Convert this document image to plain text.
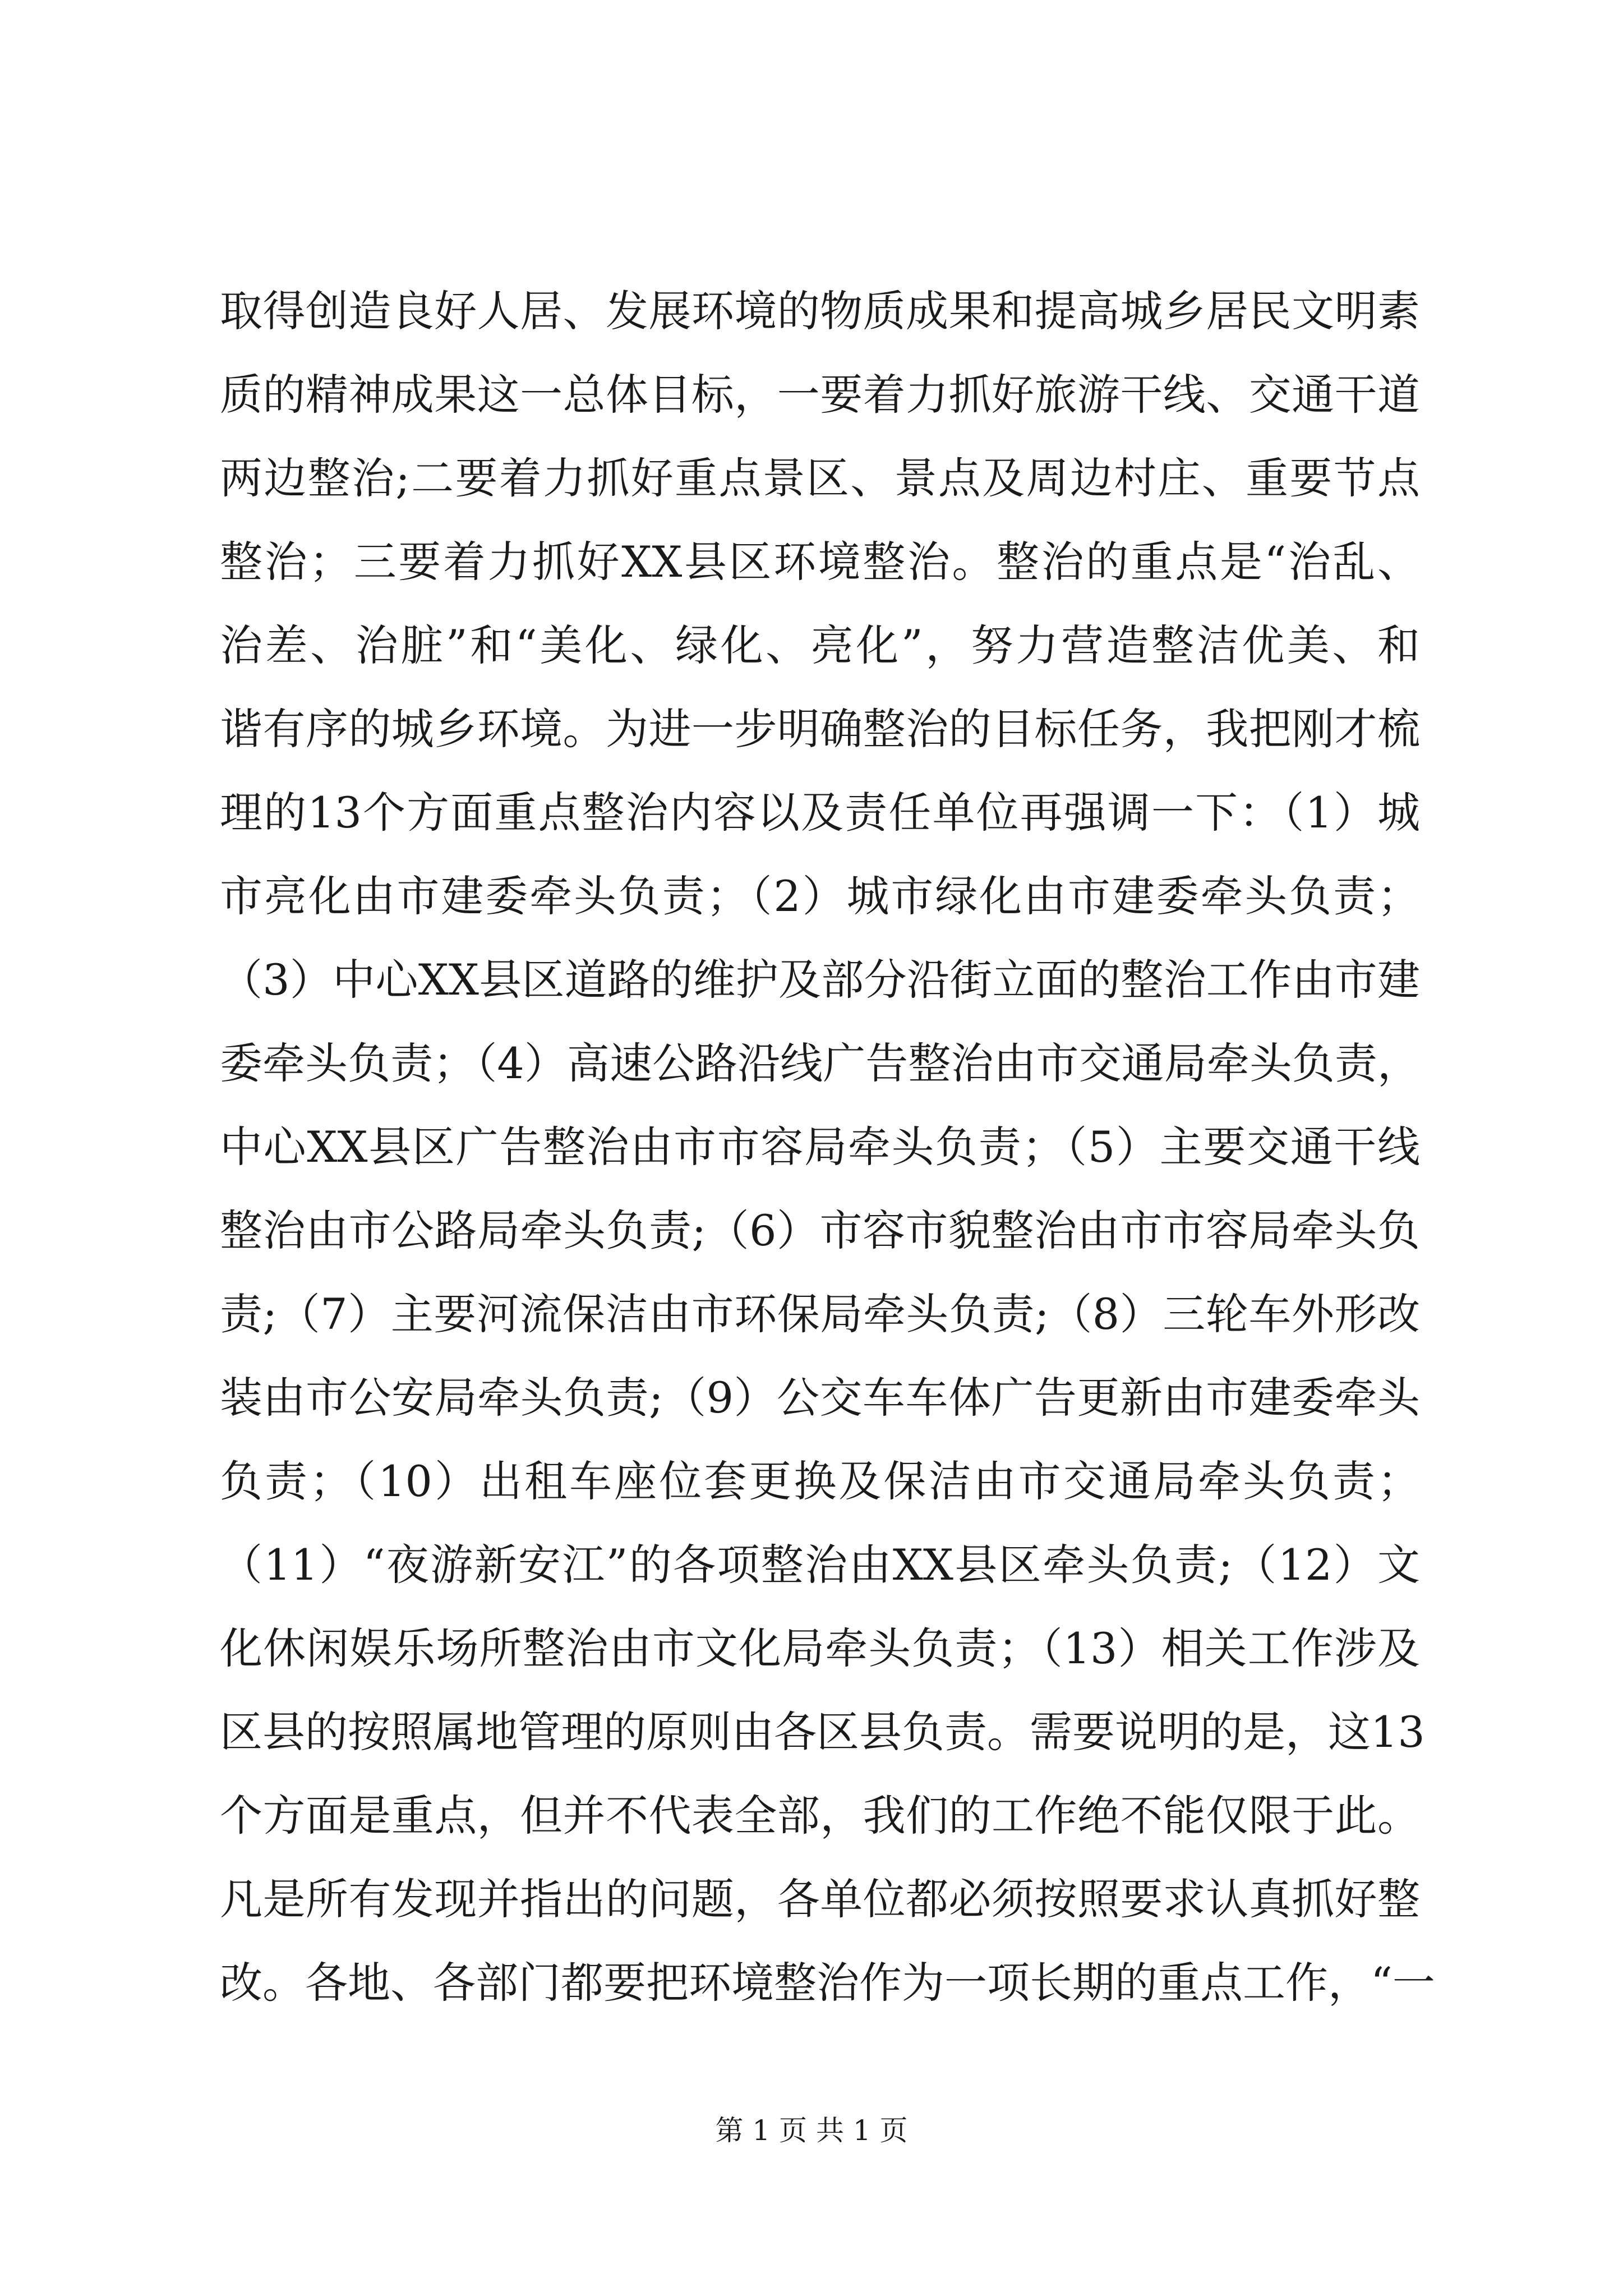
取得创造良好人居、发展环境的物质成果和提高城乡居民文明素
质的精神成果这一总体目标，一要着力抓好旅游干线、交通干道
两边整治;二要着力抓好重点景区、景点及周边村庄、重要节点
整治；三要着力抓好XX县区环境整治。整治的重点是“治乱、
治差、治脏”和“美化、绿化、亮化”，努力营造整洁优美、和
谐有序的城乡环境。为进一步明确整治的目标任务，我把刚才梳
理的13个方面重点整治内容以及责任单位再强调一下：（1）城
市亮化由市建委牵头负责；（2）城市绿化由市建委牵头负责；
（3）中心XX县区道路的维护及部分沿街立面的整治工作由市建
委牵头负责；（4）高速公路沿线广告整治由市交通局牵头负责，
中心XX县区广告整治由市市容局牵头负责；（5）主要交通干线
整治由市公路局牵头负责;（6）市容市貌整治由市市容局牵头负
责;（7）主要河流保洁由市环保局牵头负责;（8）三轮车外形改
装由市公安局牵头负责;（9）公交车车体广告更新由市建委牵头
负责；（10）出租车座位套更换及保洁由市交通局牵头负责；
（11）“夜游新安江”的各项整治由XX县区牵头负责;（12）文
化休闲娱乐场所整治由市文化局牵头负责；（13）相关工作涉及
区县的按照属地管理的原则由各区县负责。需要说明的是，这13
个方面是重点，但并不代表全部，我们的工作绝不能仅限于此。
凡是所有发现并指出的问题，各单位都必须按照要求认真抓好整
改。各地、各部门都要把环境整治作为一项长期的重点工作，“一
第 1 页 共 1 页
